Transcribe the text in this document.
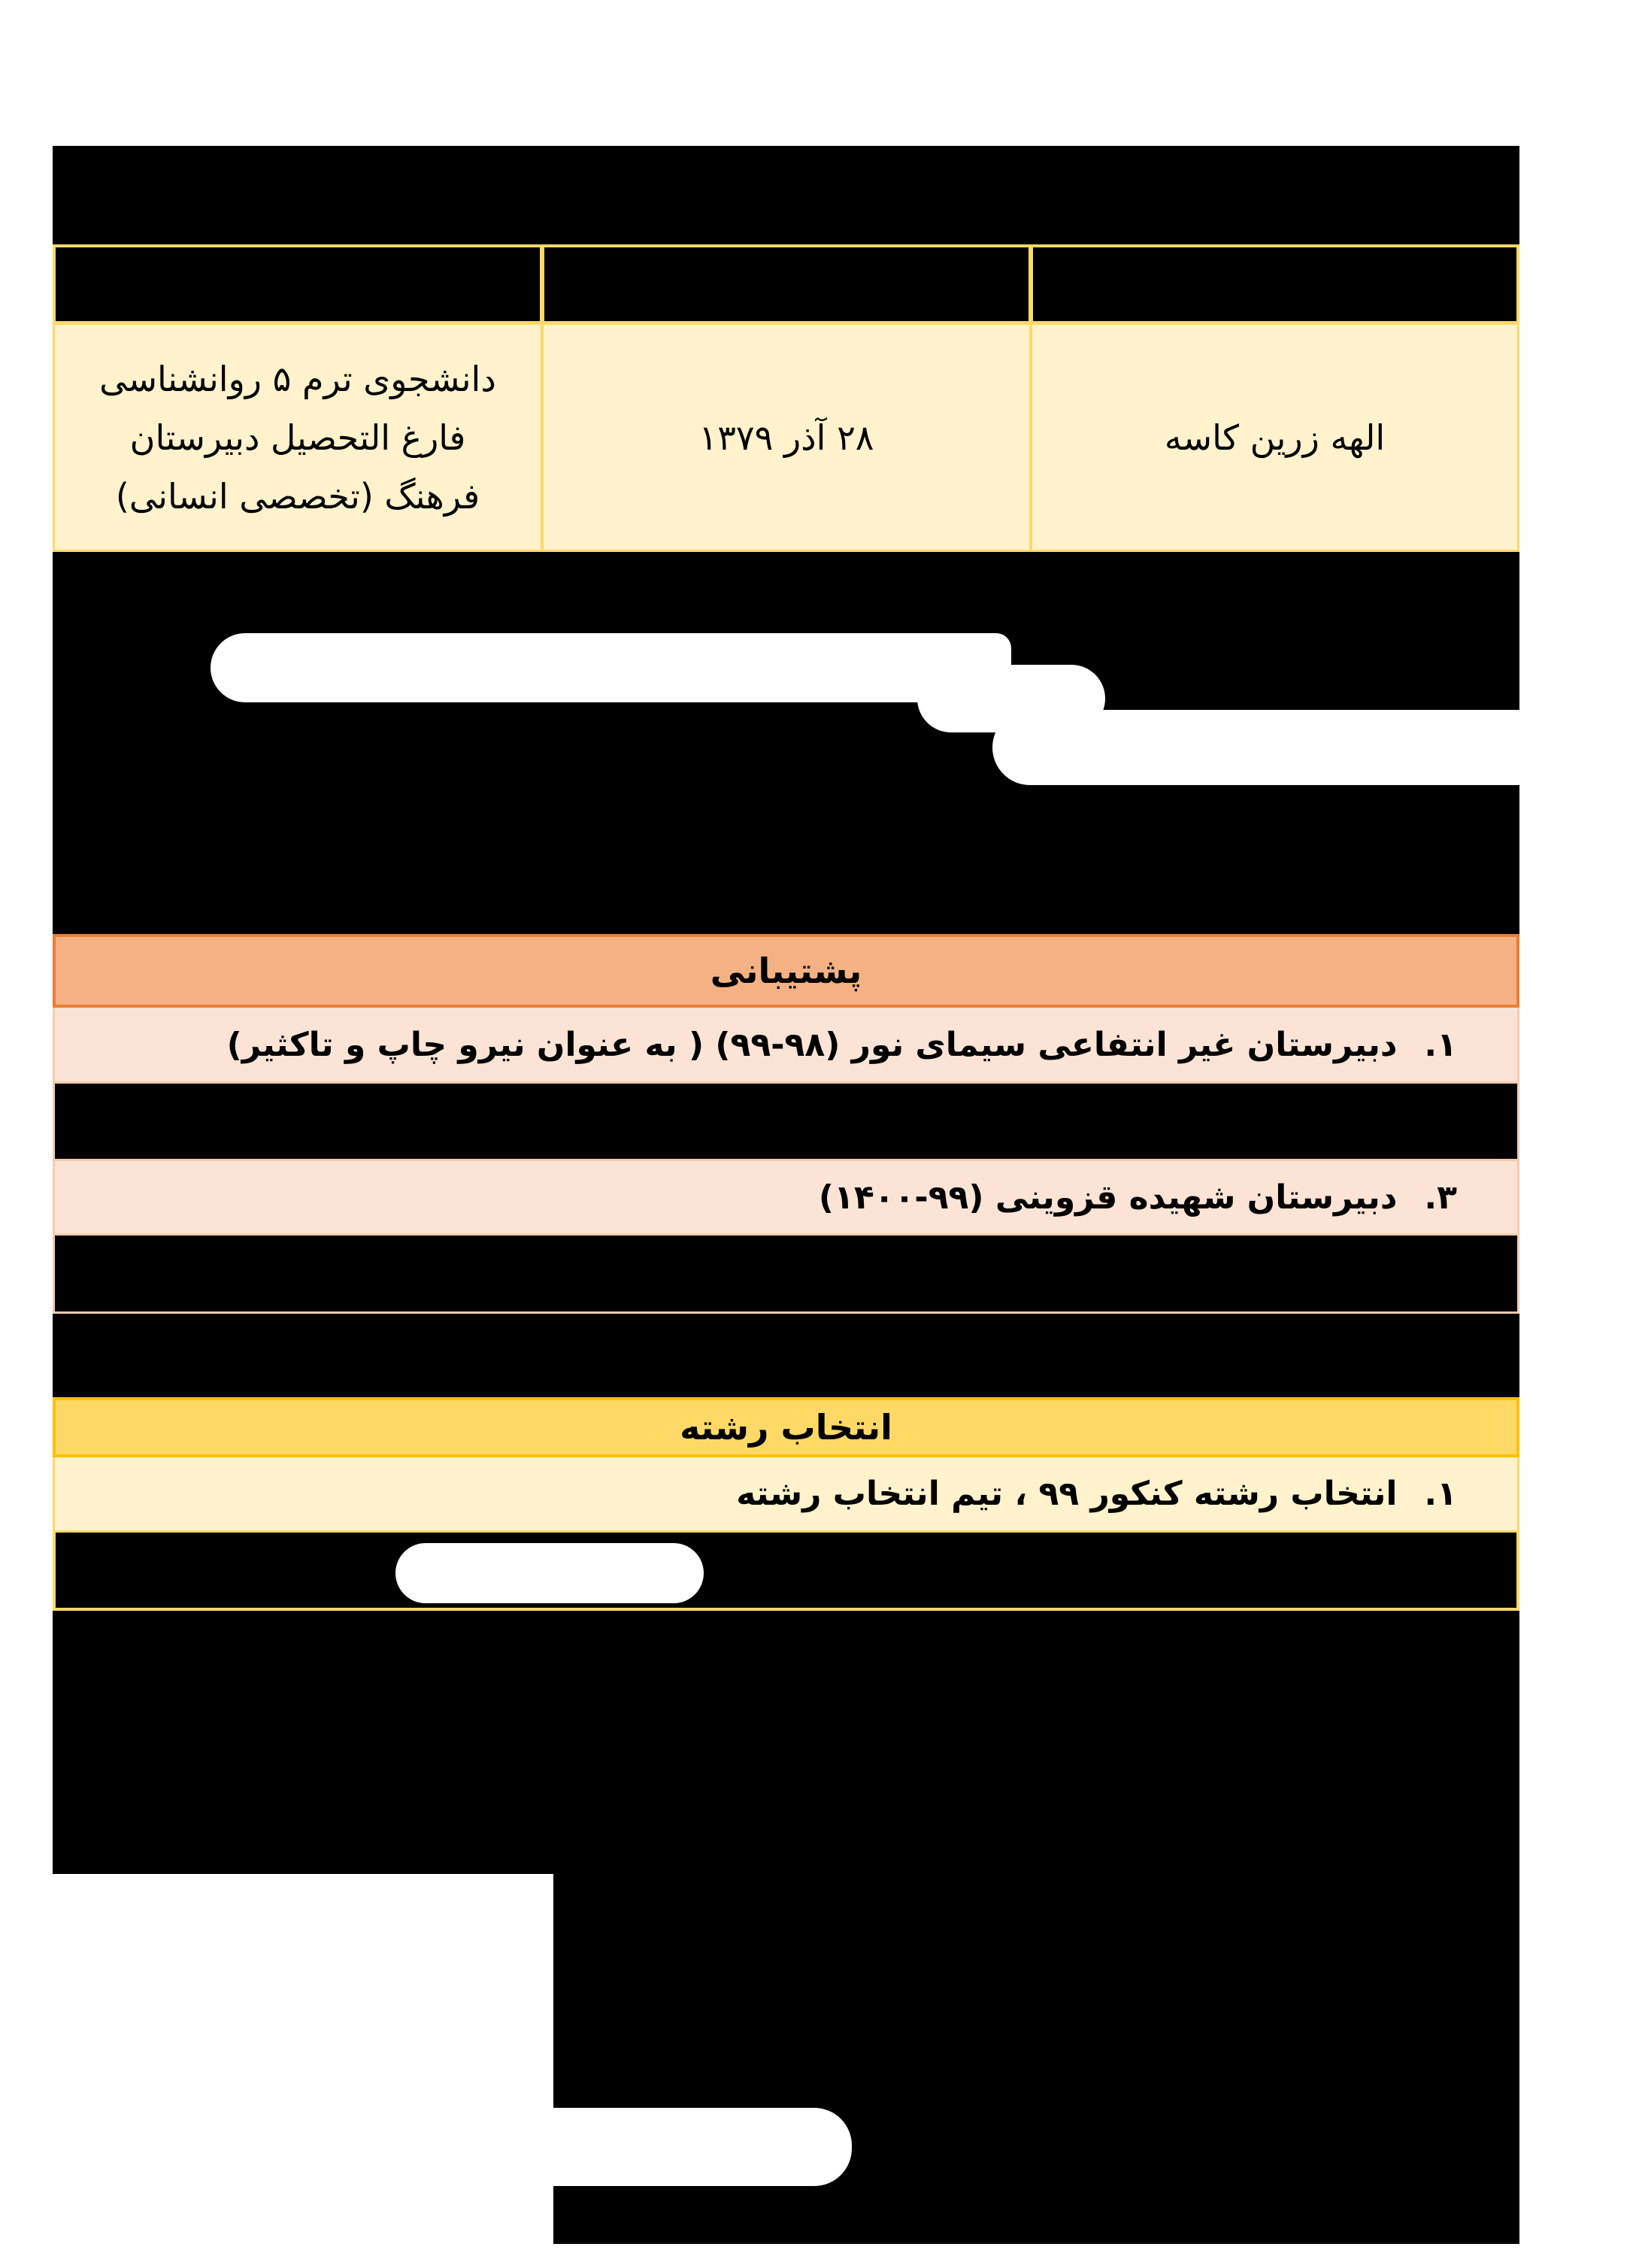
دانشجوی ترم ۵ روانشناسی
فارغ التحصیل دبیرستان
فرهنگ (تخصصی انسانی)
۲۸ آذر ۱۳۷۹	الهه زرین کاسه
پشتیبانی
۱.
دبیرستان غیر انتفاعی سیمای نور (۹۸-۹۹) ( به عنوان نیرو چاپ و تاکثیر)
۳.
دبیرستان شهیده قزوینی (۹۹-۱۴۰۰)
انتخاب رشته
۱.
انتخاب رشته کنکور ۹۹ ، تیم انتخاب رشته
